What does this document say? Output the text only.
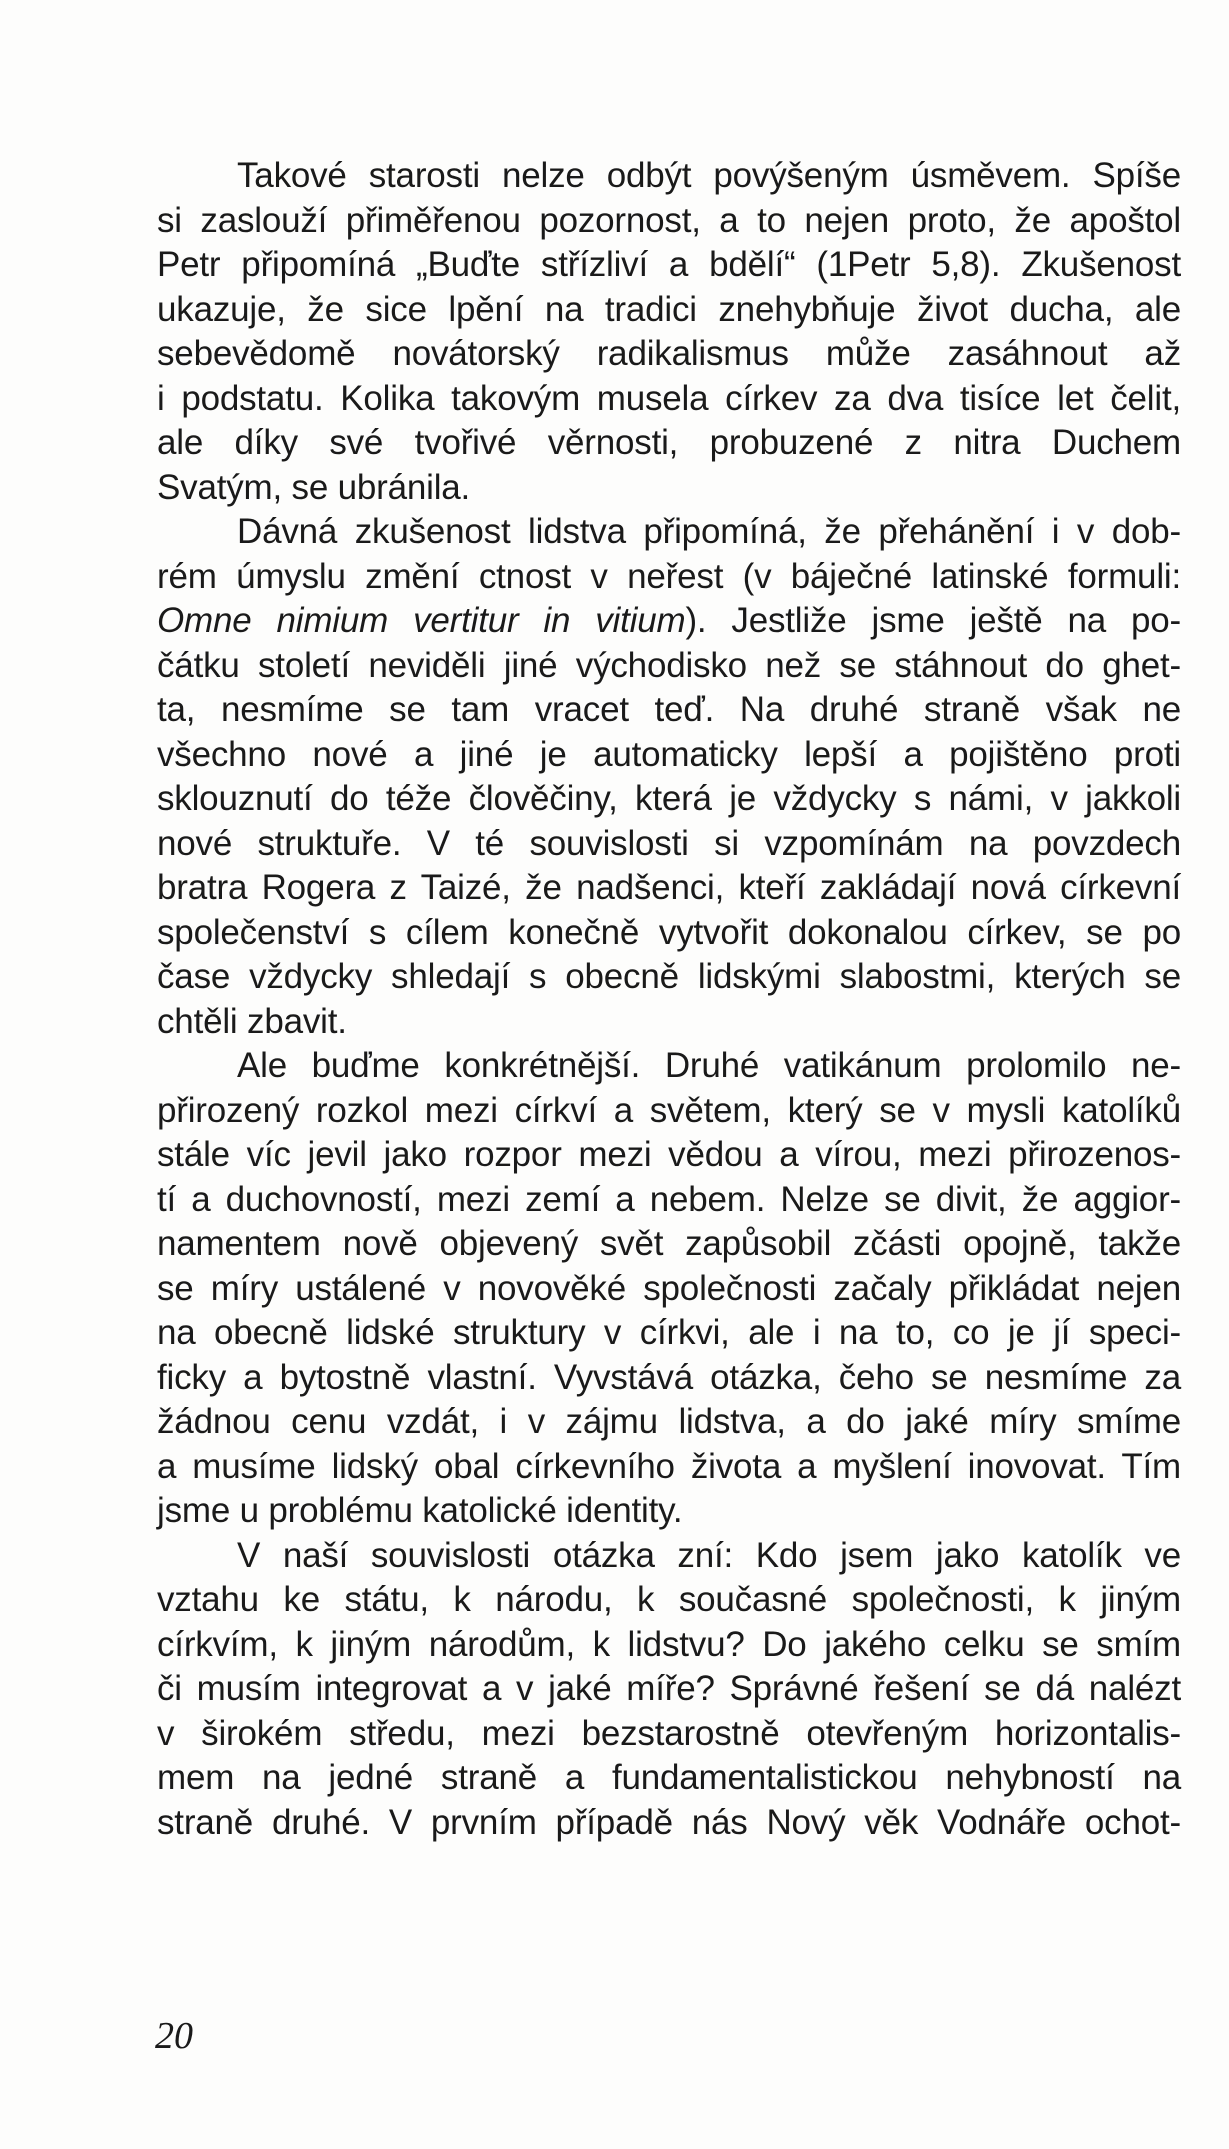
Takové starosti nelze odbýt povýšeným úsměvem. Spíše
si zaslouží přiměřenou pozornost, a to nejen proto, že apoštol
Petr připomíná „Buďte střízliví a bdělí“ (1Petr 5,8). Zkušenost
ukazuje, že sice lpění na tradici znehybňuje život ducha, ale
sebevědomě novátorský radikalismus může zasáhnout až
i podstatu. Kolika takovým musela církev za dva tisíce let čelit,
ale díky své tvořivé věrnosti, probuzené z nitra Duchem
Svatým, se ubránila.
Dávná zkušenost lidstva připomíná, že přehánění i v dob-
rém úmyslu změní ctnost v neřest (v báječné latinské formuli:
Omne nimium vertitur in vitium). Jestliže jsme ještě na po-
čátku století neviděli jiné východisko než se stáhnout do ghet-
ta, nesmíme se tam vracet teď. Na druhé straně však ne
všechno nové a jiné je automaticky lepší a pojištěno proti
sklouznutí do téže člověčiny, která je vždycky s námi, v jakkoli
nové struktuře. V té souvislosti si vzpomínám na povzdech
bratra Rogera z Taizé, že nadšenci, kteří zakládají nová církevní
společenství s cílem konečně vytvořit dokonalou církev, se po
čase vždycky shledají s obecně lidskými slabostmi, kterých se
chtěli zbavit.
Ale buďme konkrétnější. Druhé vatikánum prolomilo ne-
přirozený rozkol mezi církví a světem, který se v mysli katolíků
stále víc jevil jako rozpor mezi vědou a vírou, mezi přirozenos-
tí a duchovností, mezi zemí a nebem. Nelze se divit, že aggior-
namentem nově objevený svět zapůsobil zčásti opojně, takže
se míry ustálené v novověké společnosti začaly přikládat nejen
na obecně lidské struktury v církvi, ale i na to, co je jí speci-
ficky a bytostně vlastní. Vyvstává otázka, čeho se nesmíme za
žádnou cenu vzdát, i v zájmu lidstva, a do jaké míry smíme
a musíme lidský obal církevního života a myšlení inovovat. Tím
jsme u problému katolické identity.
V naší souvislosti otázka zní: Kdo jsem jako katolík ve
vztahu ke státu, k národu, k současné společnosti, k jiným
církvím, k jiným národům, k lidstvu? Do jakého celku se smím
či musím integrovat a v jaké míře? Správné řešení se dá nalézt
v širokém středu, mezi bezstarostně otevřeným horizontalis-
mem na jedné straně a fundamentalistickou nehybností na
straně druhé. V prvním případě nás Nový věk Vodnáře ochot-
20
